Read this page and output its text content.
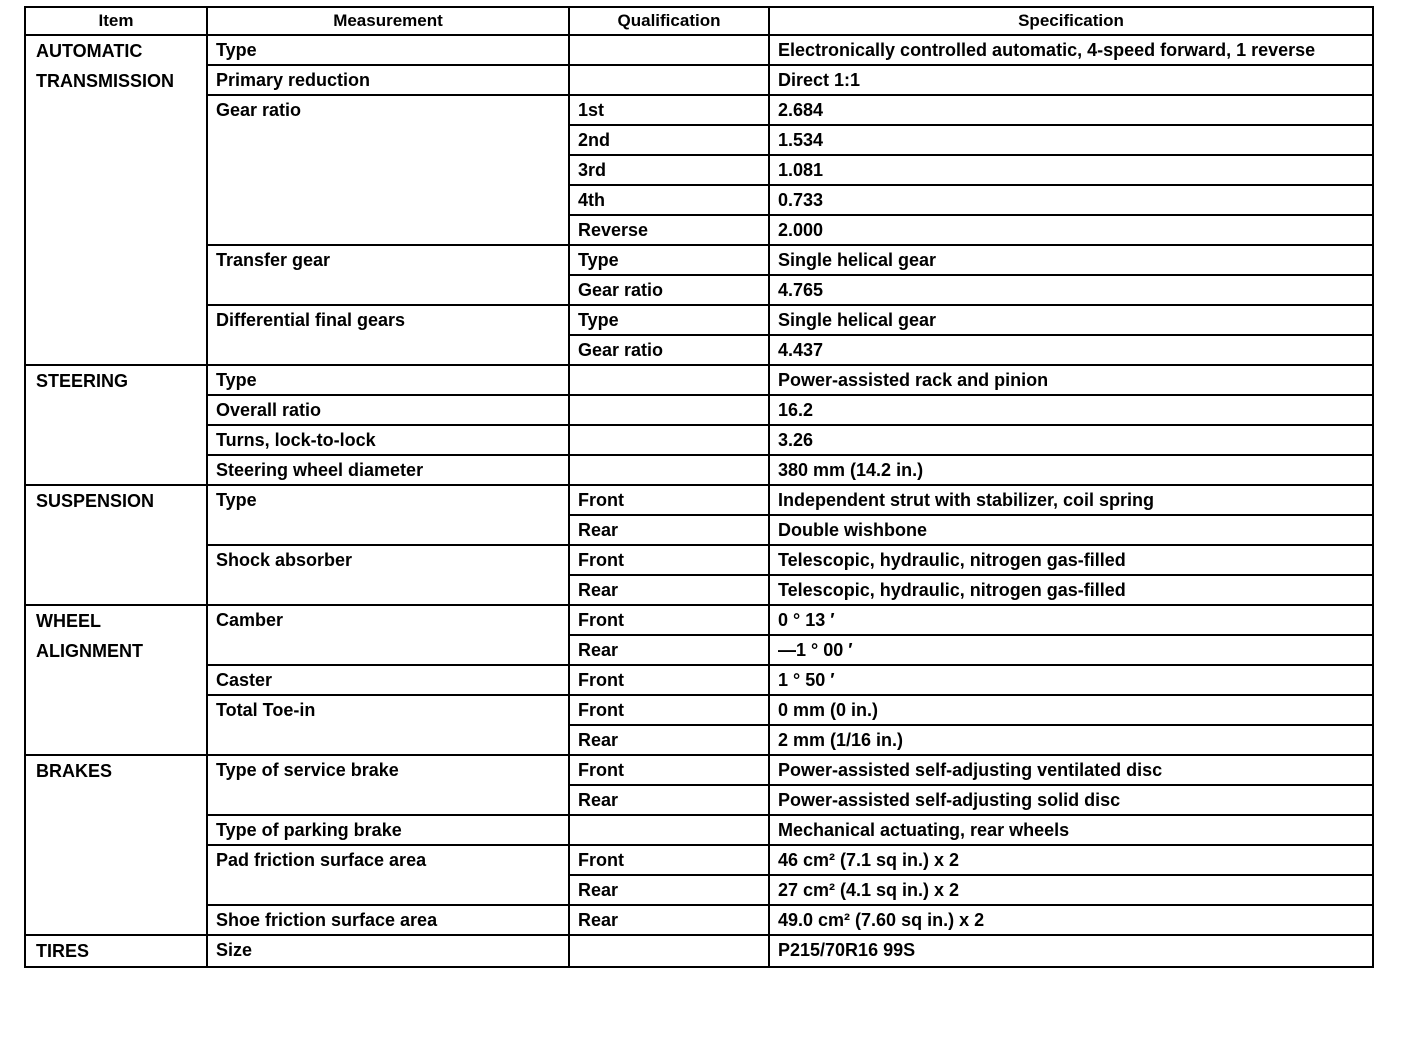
Item	Measurement	Qualification	Specification

AUTOMATIC
TRANSMISSION	Type		Electronically controlled automatic, 4-speed forward, 1 reverse
	Primary reduction		Direct 1:1
	Gear ratio	1st	2.684
		2nd	1.534
		3rd	1.081
		4th	0.733
		Reverse	2.000
	Transfer gear	Type	Single helical gear
		Gear ratio	4.765
	Differential final gears	Type	Single helical gear
		Gear ratio	4.437
STEERING	Type		Power-assisted rack and pinion
	Overall ratio		16.2
	Turns, lock-to-lock		3.26
	Steering wheel diameter		380 mm (14.2 in.)
SUSPENSION	Type	Front	Independent strut with stabilizer, coil spring
		Rear	Double wishbone
	Shock absorber	Front	Telescopic, hydraulic, nitrogen gas-filled
		Rear	Telescopic, hydraulic, nitrogen gas-filled

WHEEL
ALIGNMENT	Camber	Front	0 ° 13 ′
		Rear	—1 ° 00 ′
	Caster	Front	1 ° 50 ′
	Total Toe-in	Front	0 mm (0 in.)
		Rear	2 mm (1/16 in.)
BRAKES	Type of service brake	Front	Power-assisted self-adjusting ventilated disc
		Rear	Power-assisted self-adjusting solid disc
	Type of parking brake		Mechanical actuating, rear wheels
	Pad friction surface area	Front	46 cm² (7.1 sq in.) x 2
		Rear	27 cm² (4.1 sq in.) x 2
	Shoe friction surface area	Rear	49.0 cm² (7.60 sq in.) x 2
TIRES	Size		P215/70R16 99S
